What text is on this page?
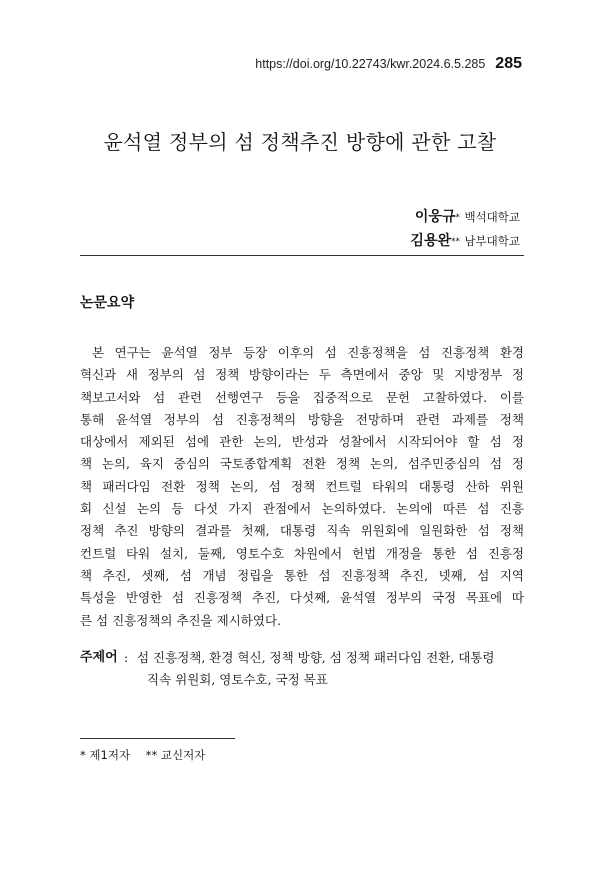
https://doi.org/10.22743/kwr.2024.6.5.285 285
윤석열 정부의 섬 정책추진 방향에 관한 고찰
이웅규* 백석대학교
김용완** 남부대학교
논문요약
본 연구는 윤석열 정부 등장 이후의 섬 진흥정책을 섬 진흥정책 환경
혁신과 새 정부의 섬 정책 방향이라는 두 측면에서 중앙 및 지방정부 정
책보고서와 섬 관련 선행연구 등을 집중적으로 문헌 고찰하였다. 이를
통해 윤석열 정부의 섬 진흥정책의 방향을 전망하며 관련 과제를 정책
대상에서 제외된 섬에 관한 논의, 반성과 성찰에서 시작되어야 할 섬 정
책 논의, 육지 중심의 국토종합계획 전환 정책 논의, 섬주민중심의 섬 정
책 패러다임 전환 정책 논의, 섬 정책 컨트럴 타워의 대통령 산하 위원
회 신설 논의 등 다섯 가지 관점에서 논의하였다. 논의에 따른 섬 진흥
정책 추진 방향의 결과를 첫째, 대통령 직속 위원회에 일원화한 섬 정책
컨트럴 타워 설치, 둘째, 영토수호 차원에서 헌법 개정을 통한 섬 진흥정
책 추진, 셋째, 섬 개념 정립을 통한 섬 진흥정책 추진, 넷째, 섬 지역
특성을 반영한 섬 진흥정책 추진, 다섯째, 윤석열 정부의 국정 목표에 따
른 섬 진흥정책의 추진을 제시하였다.
주제어 : 섬 진흥정책, 환경 혁신, 정책 방향, 섬 정책 패러다임 전환, 대통령
직속 위원회, 영토수호, 국정 목표
* 제1저자 ** 교신저자
